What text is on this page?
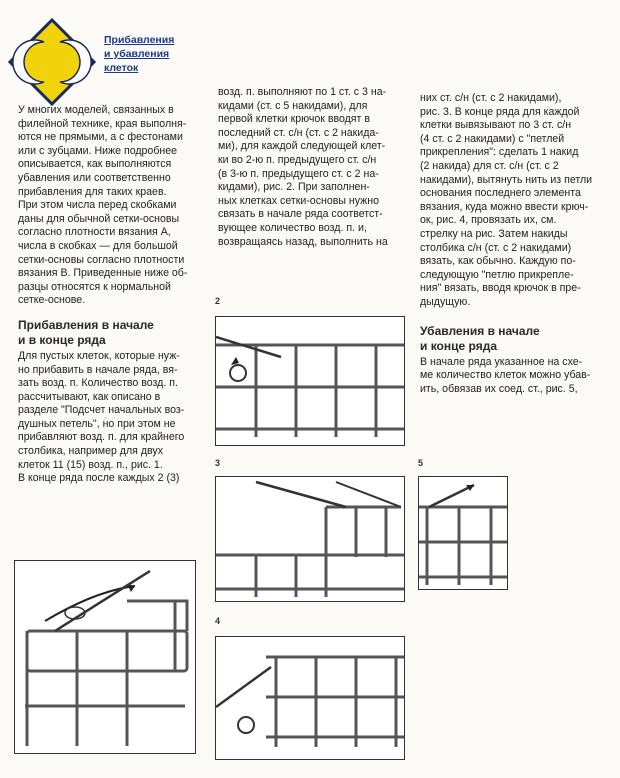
Прибавления
и убавления
клеток

У многих моделей, связанных в
филейной технике, края выполня-
ются не прямыми, а с фестонами
или с зубцами. Ниже подробнее
описывается, как выполняются
убавления или соответственно
прибавления для таких краев.
При этом числа перед скобками
даны для обычной сетки-основы
согласно плотности вязания А,
числа в скобках — для большой
сетки-основы согласно плотности
вязания В. Приведенные ниже об-
разцы относятся к нормальной
сетке-основе.

Прибавления в начале
и в конце ряда

Для пустых клеток, которые нуж-
но прибавить в начале ряда, вя-
зать возд. п. Количество возд. п.
рассчитывают, как описано в
разделе "Подсчет начальных воз-
душных петель", но при этом не
прибавляют возд. п. для крайнего
столбика, например для двух
клеток 11 (15) возд. п., рис. 1.
В конце ряда после каждых 2 (3)

возд. п. выполняют по 1 ст. с 3 на-
кидами (ст. с 5 накидами), для
первой клетки крючок вводят в
последний ст. с/н (ст. с 2 накида-
ми), для каждой следующей клет-
ки во 2-ю п. предыдущего ст. с/н
(в 3-ю п. предыдущего ст. с 2 на-
кидами), рис. 2. При заполнен-
ных клетках сетки-основы нужно
связать в начале ряда соответст-
вующее количество возд. п. и,
возвращаясь назад, выполнить на

них ст. с/н (ст. с 2 накидами),
рис. 3. В конце ряда для каждой
клетки вывязывают по 3 ст. с/н
(4 ст. с 2 накидами) с "петлей
прикрепления": сделать 1 накид
(2 накида) для ст. с/н (ст. с 2
накидами), вытянуть нить из петли
основания последнего элемента
вязания, куда можно ввести крюч-
ок, рис. 4, провязать их, см.
стрелку на рис. Затем накиды
столбика с/н (ст. с 2 накидами)
вязать, как обычно. Каждую по-
следующую "петлю прикрепле-
ния" вязать, вводя крючок в пре-
дыдущую.

Убавления в начале
и конце ряда

В начале ряда указанное на схе-
ме количество клеток можно убав-
ить, обвязав их соед. ст., рис. 5,

2
3
4
5
